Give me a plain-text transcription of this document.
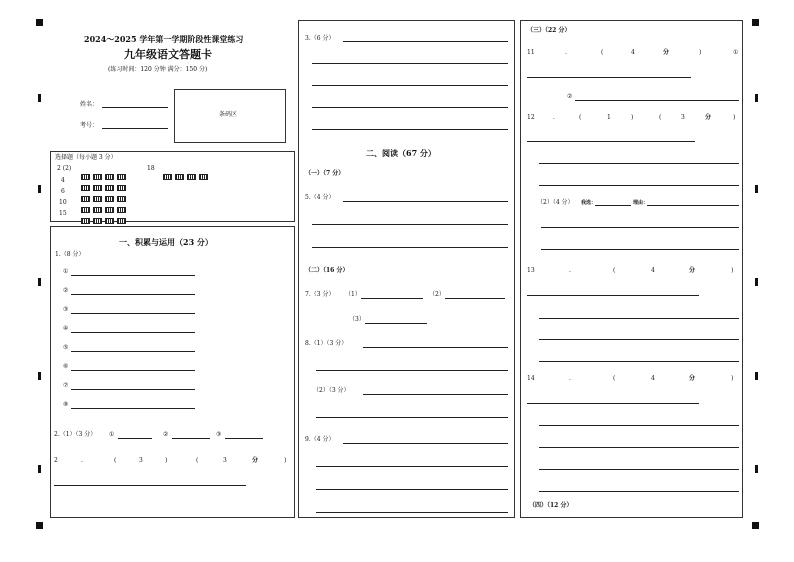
2024～2025 学年第一学期阶段性课堂练习
九年级语文答题卡
(练习时间：120 分钟 满分：150 分)
姓名：
考号：
条码区
选择题（每小题 3 分）
2 (2)
4
6
10
15
18
一、积累与运用（23 分）
1.（8 分）
①
②
③
④
⑤
⑥
⑦
⑧
2.（1）（3 分） ①	②	③
2	.	(	3	)	(	3	分	)
3.（6 分）
二、阅读（67 分）
（一）（7 分）
5.（4 分）
（二）（16 分）
7.（3 分） （1）	（2）
（3）
8.（1）（3 分）
（2）（3 分）
9.（4 分）
（三）（22 分）
11	.	(	4	分	)	①
②
12	.	(	1	)	(	3	分	)
（2）（4 分） 我选：	理由：
13	.	(	4	分	)
14	.	(	4	分	)
（四）（12 分）
